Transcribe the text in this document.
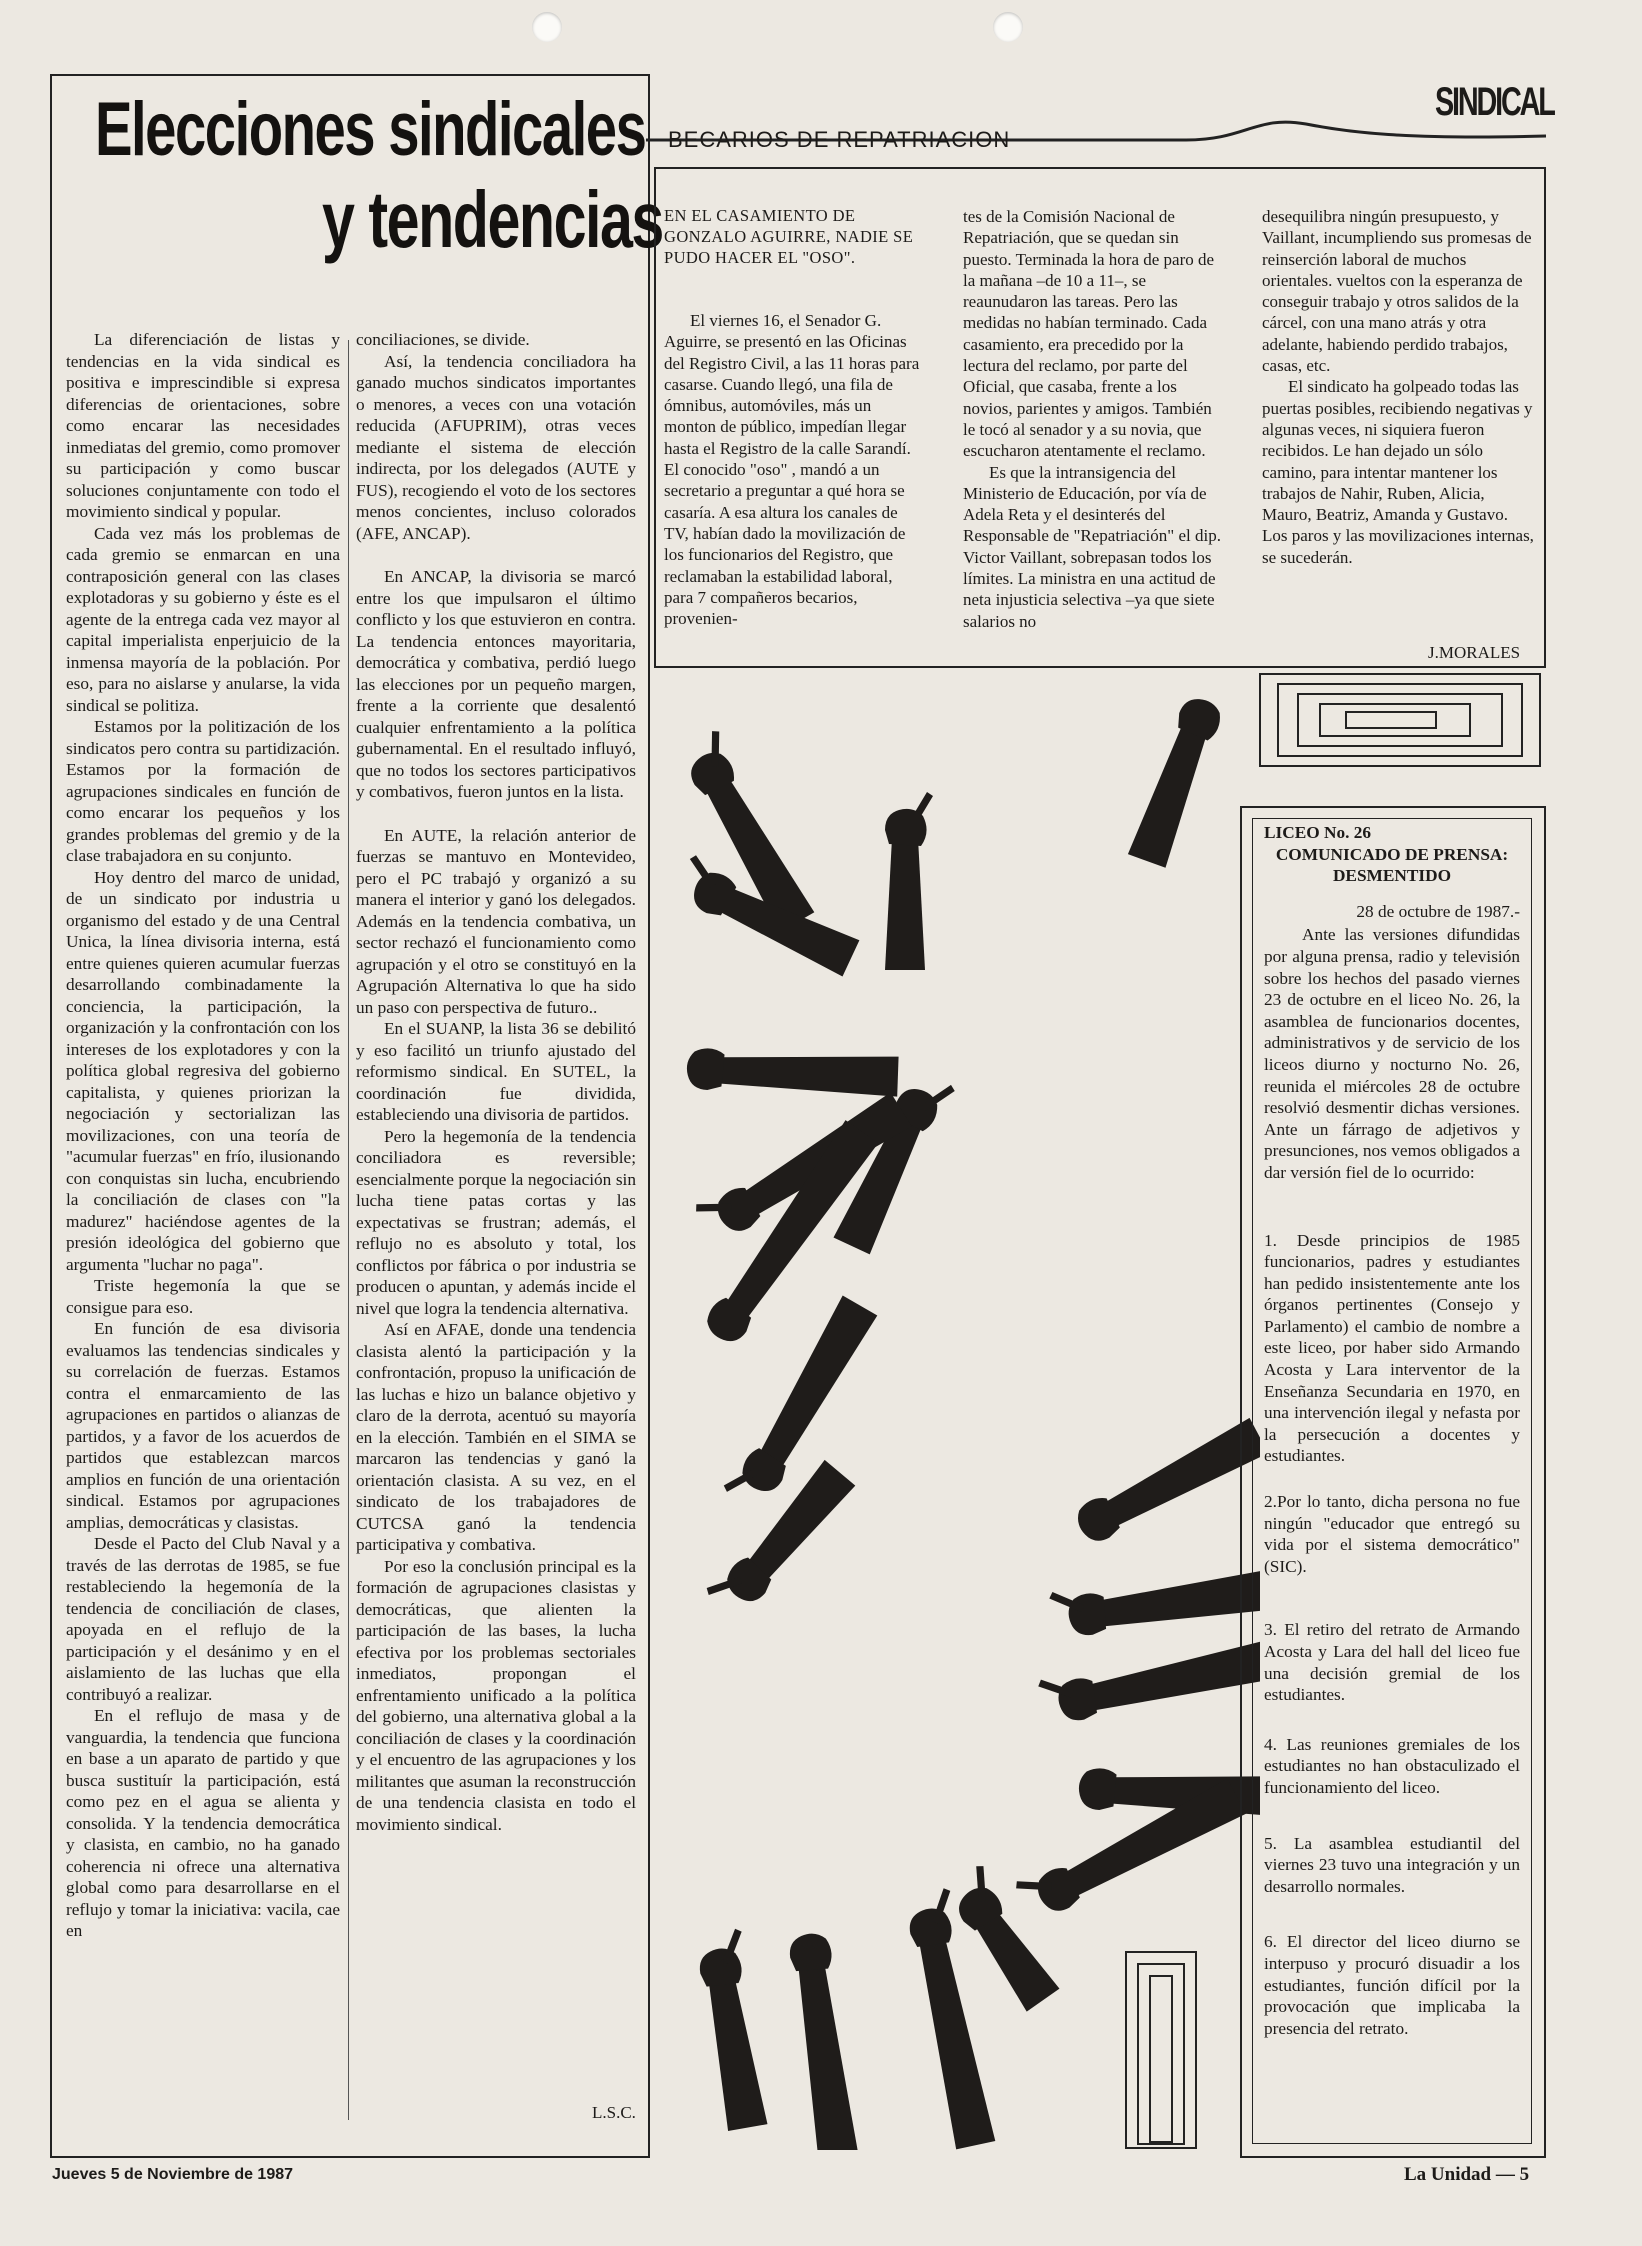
SINDICAL
Elecciones sindicales
y tendencias

La diferenciación de listas y tendencias en la vida sindical es positiva e imprescindible si expresa diferencias de orientaciones, sobre como encarar las necesidades inmediatas del gremio, como promover su participación y como buscar soluciones conjuntamente con todo el movimiento sindical y popular.

Cada vez más los problemas de cada gremio se enmarcan en una contraposición general con las clases explotadoras y su gobierno y éste es el agente de la entrega cada vez mayor al capital imperialista enperjuicio de la inmensa mayoría de la población. Por eso, para no aislarse y anularse, la vida sindical se politiza.

Estamos por la politización de los sindicatos pero contra su partidización. Estamos por la formación de agrupaciones sindicales en función de como encarar los pequeños y los grandes problemas del gremio y de la clase trabajadora en su conjunto.

Hoy dentro del marco de unidad, de un sindicato por industria u organismo del estado y de una Central Unica, la línea divisoria interna, está entre quienes quieren acumular fuerzas desarrollando combinadamente la conciencia, la participación, la organización y la confrontación con los intereses de los explotadores y con la política global regresiva del gobierno capitalista, y quienes priorizan la negociación y sectorializan las movilizaciones, con una teoría de "acumular fuerzas" en frío, ilusionando con conquistas sin lucha, encubriendo la conciliación de clases con "la madurez" haciéndose agentes de la presión ideológica del gobierno que argumenta "luchar no paga".

Triste hegemonía la que se consigue para eso.

En función de esa divisoria evaluamos las tendencias sindicales y su correlación de fuerzas. Estamos contra el enmarcamiento de las agrupaciones en partidos o alianzas de partidos, y a favor de los acuerdos de partidos que establezcan marcos amplios en función de una orientación sindical. Estamos por agrupaciones amplias, democráticas y clasistas.

Desde el Pacto del Club Naval y a través de las derrotas de 1985, se fue restableciendo la hegemonía de la tendencia de conciliación de clases, apoyada en el reflujo de la participación y el desánimo y en el aislamiento de las luchas que ella contribuyó a realizar.

En el reflujo de masa y de vanguardia, la tendencia que funciona en base a un aparato de partido y que busca sustituír la participación, está como pez en el agua se alienta y consolida. Y la tendencia democrática y clasista, en cambio, no ha ganado coherencia ni ofrece una alternativa global como para desarrollarse en el reflujo y tomar la iniciativa: vacila, cae en

conciliaciones, se divide.

Así, la tendencia conciliadora ha ganado muchos sindicatos importantes o menores, a veces con una votación reducida (AFUPRIM), otras veces mediante el sistema de elección indirecta, por los delegados (AUTE y FUS), recogiendo el voto de los sectores menos concientes, incluso colorados (AFE, ANCAP).

En ANCAP, la divisoria se marcó entre los que impulsaron el último conflicto y los que estuvieron en contra. La tendencia entonces mayoritaria, democrática y combativa, perdió luego las elecciones por un pequeño margen, frente a la corriente que desalentó cualquier enfrentamiento a la política gubernamental. En el resultado influyó, que no todos los sectores participativos y combativos, fueron juntos en la lista.

En AUTE, la relación anterior de fuerzas se mantuvo en Montevideo, pero el PC trabajó y organizó a su manera el interior y ganó los delegados. Además en la tendencia combativa, un sector rechazó el funcionamiento como agrupación y el otro se constituyó en la Agrupación Alternativa lo que ha sido un paso con perspectiva de futuro..

En el SUANP, la lista 36 se debilitó y eso facilitó un triunfo ajustado del reformismo sindical. En SUTEL, la coordinación fue dividida, estableciendo una divisoria de partidos.

Pero la hegemonía de la tendencia conciliadora es reversible; esencialmente porque la negociación sin lucha tiene patas cortas y las expectativas se frustran; además, el reflujo no es absoluto y total, los conflictos por fábrica o por industria se producen o apuntan, y además incide el nivel que logra la tendencia alternativa.

Así en AFAE, donde una tendencia clasista alentó la participación y la confrontación, propuso la unificación de las luchas e hizo un balance objetivo y claro de la derrota, acentuó su mayoría en la elección. También en el SIMA se marcaron las tendencias y ganó la orientación clasista. A su vez, en el sindicato de los trabajadores de CUTCSA ganó la tendencia participativa y combativa.

Por eso la conclusión principal es la formación de agrupaciones clasistas y democráticas, que alienten la participación de las bases, la lucha efectiva por los problemas sectoriales inmediatos, propongan el enfrentamiento unificado a la política del gobierno, una alternativa global a la conciliación de clases y la coordinación y el encuentro de las agrupaciones y los militantes que asuman la reconstrucción de una tendencia clasista en todo el movimiento sindical.

L.S.C.
BECARIOS DE REPATRIACION

EN EL CASAMIENTO DE GONZALO AGUIRRE, NADIE SE PUDO HACER EL "OSO".

El viernes 16, el Senador G. Aguirre, se presentó en las Oficinas del Registro Civil, a las 11 horas para casarse. Cuando llegó, una fila de ómnibus, automóviles, más un monton de público, impedían llegar hasta el Registro de la calle Sarandí. El conocido "oso" , mandó a un secretario a preguntar a qué hora se casaría. A esa altura los canales de TV, habían dado la movilización de los funcionarios del Registro, que reclamaban la estabilidad laboral, para 7 compañeros becarios, provenien-

tes de la Comisión Nacional de Repatriación, que se quedan sin puesto. Terminada la hora de paro de la mañana –de 10 a 11–, se reaunudaron las tareas. Pero las medidas no habían terminado. Cada casamiento, era precedido por la lectura del reclamo, por parte del Oficial, que casaba, frente a los novios, parientes y amigos. También le tocó al senador y a su novia, que escucharon atentamente el reclamo.

Es que la intransigencia del Ministerio de Educación, por vía de Adela Reta y el desinterés del Responsable de "Repatriación" el dip. Victor Vaillant, sobrepasan todos los límites. La ministra en una actitud de neta injusticia selectiva –ya que siete salarios no

desequilibra ningún presupuesto, y Vaillant, incumpliendo sus promesas de reinserción laboral de muchos orientales. vueltos con la esperanza de conseguir trabajo y otros salidos de la cárcel, con una mano atrás y otra adelante, habiendo perdido trabajos, casas, etc.

El sindicato ha golpeado todas las puertas posibles, recibiendo negativas y algunas veces, ni siquiera fueron recibidos. Le han dejado un sólo camino, para intentar mantener los trabajos de Nahir, Ruben, Alicia, Mauro, Beatriz, Amanda y Gustavo. Los paros y las movilizaciones internas, se sucederán.

J.MORALES
LICEO No. 26
COMUNICADO DE PRENSA:
DESMENTIDO
28 de octubre de 1987.-

Ante las versiones difundidas por alguna prensa, radio y televisión sobre los hechos del pasado viernes 23 de octubre en el liceo No. 26, la asamblea de funcionarios docentes, administrativos y de servicio de los liceos diurno y nocturno No. 26, reunida el miércoles 28 de octubre resolvió desmentir dichas versiones. Ante un fárrago de adjetivos y presunciones, nos vemos obligados a dar versión fiel de lo ocurrido:

1. Desde principios de 1985 funcionarios, padres y estudiantes han pedido insistentemente ante los órganos pertinentes (Consejo y Parlamento) el cambio de nombre a este liceo, por haber sido Armando Acosta y Lara interventor de la Enseñanza Secundaria en 1970, en una intervención ilegal y nefasta por la persecución a docentes y estudiantes.

2.Por lo tanto, dicha persona no fue ningún "educador que entregó su vida por el sistema democrático" (SIC).

3. El retiro del retrato de Armando Acosta y Lara del hall del liceo fue una decisión gremial de los estudiantes.

4. Las reuniones gremiales de los estudiantes no han obstaculizado el funcionamiento del liceo.

5. La asamblea estudiantil del viernes 23 tuvo una integración y un desarrollo normales.

6. El director del liceo diurno se interpuso y procuró disuadir a los estudiantes, función difícil por la provocación que implicaba la presencia del retrato.

Jueves 5 de Noviembre de 1987	La Unidad — 5
